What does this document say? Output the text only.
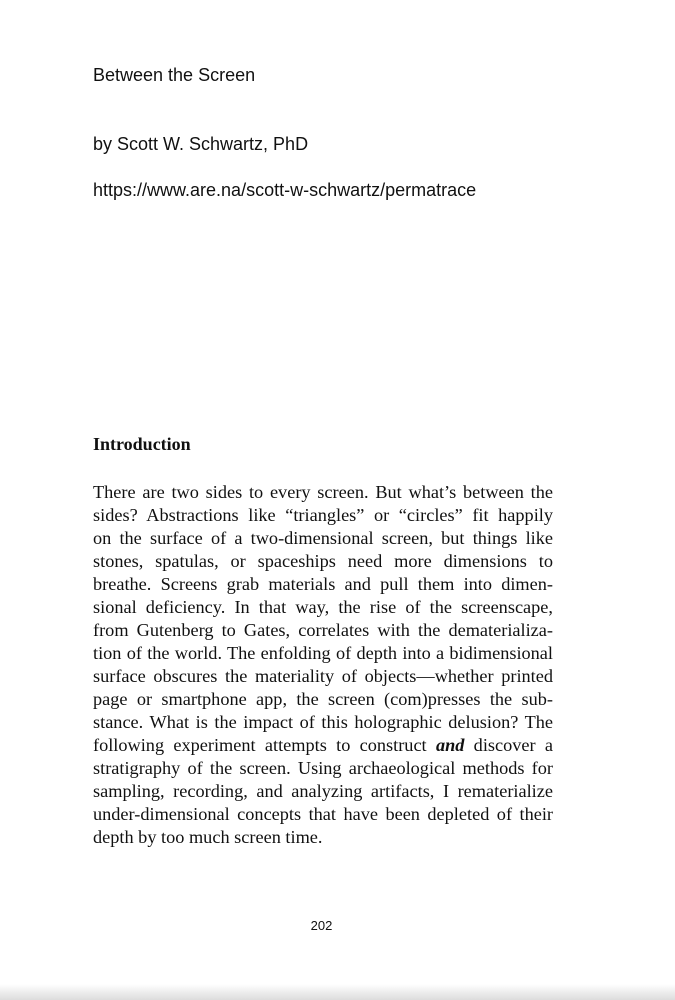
Between the Screen

by Scott W. Schwartz, PhD

https://www.are.na/scott-w-schwartz/permatrace

Introduction
There are two sides to every screen. But what’s between the
sides? Abstractions like “triangles” or “circles” fit happily
on the surface of a two-dimensional screen, but things like
stones, spatulas, or spaceships need more dimensions to
breathe. Screens grab materials and pull them into dimen-
sional deficiency. In that way, the rise of the screenscape,
from Gutenberg to Gates, correlates with the dematerializa-
tion of the world. The enfolding of depth into a bidimensional
surface obscures the materiality of objects—whether printed
page or smartphone app, the screen (com)presses the sub-
stance. What is the impact of this holographic delusion? The
following experiment attempts to construct and discover a
stratigraphy of the screen. Using archaeological methods for
sampling, recording, and analyzing artifacts, I rematerialize
under-dimensional concepts that have been depleted of their
depth by too much screen time.

202
